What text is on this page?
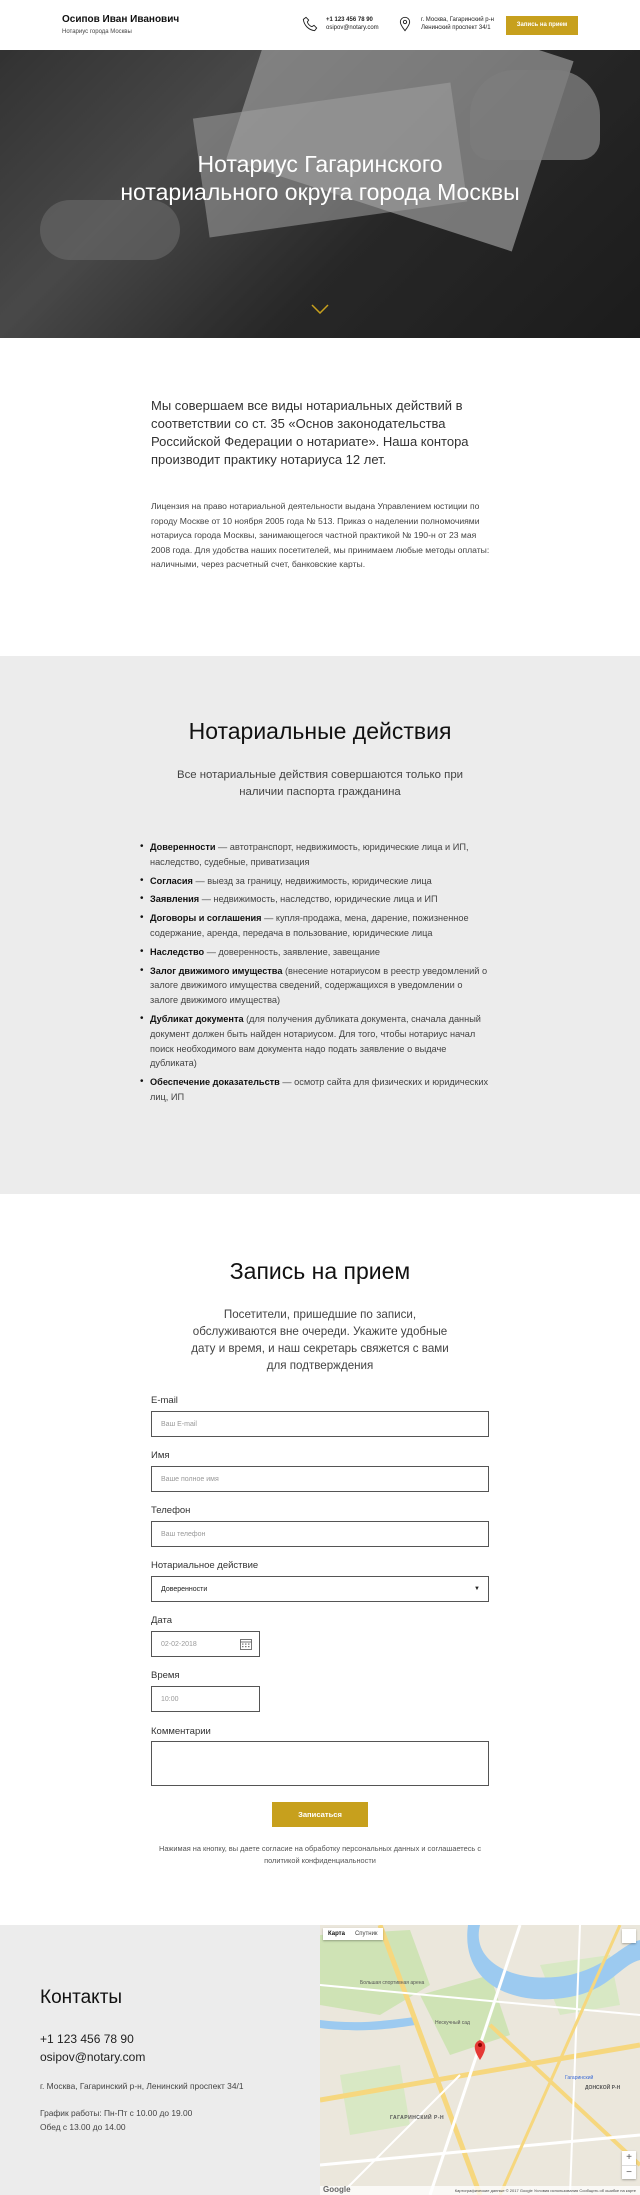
Осипов Иван Иванович
Нотариус города Москвы
+1 123 456 78 90
osipov@notary.com
г. Москва, Гагаринский р-н
Ленинский проспект 34/1	Запись на прием
Нотариус Гагаринского нотариального округа города Москвы

Мы совершаем все виды нотариальных действий в соответствии со ст. 35 «Основ законодательства Российской Федерации о нотариате». Наша контора производит практику нотариуса 12 лет.

Лицензия на право нотариальной деятельности выдана Управлением юстиции по городу Москве от 10 ноября 2005 года № 513. Приказ о наделении полномочиями нотариуса города Москвы, занимающегося частной практикой № 190-н от 23 мая 2008 года. Для удобства наших посетителей, мы принимаем любые методы оплаты: наличными, через расчетный счет, банковские карты.

Нотариальные действия

Все нотариальные действия совершаются только при наличии паспорта гражданина

• Доверенности — автотранспорт, недвижимость, юридические лица и ИП, наследство, судебные, приватизация
• Согласия — выезд за границу, недвижимость, юридические лица
• Заявления — недвижимость, наследство, юридические лица и ИП
• Договоры и соглашения — купля-продажа, мена, дарение, пожизненное содержание, аренда, передача в пользование, юридические лица
• Наследство — доверенность, заявление, завещание
• Залог движимого имущества (внесение нотариусом в реестр уведомлений о залоге движимого имущества сведений, содержащихся в уведомлении о залоге движимого имущества)
• Дубликат документа (для получения дубликата документа, сначала данный документ должен быть найден нотариусом. Для того, чтобы нотариус начал поиск необходимого вам документа надо подать заявление о выдаче дубликата)
• Обеспечение доказательств — осмотр сайта для физических и юридических лиц, ИП
Запись на прием

Посетители, пришедшие по записи, обслуживаются вне очереди. Укажите удобные дату и время, и наш секретарь свяжется с вами для подтверждения

E-mail
Ваш E-mail
Имя
Ваше полное имя
Телефон
Ваш телефон
Нотариальное действие
Доверенности	▼
Дата
02-02-2018
Время
10:00
Комментарии
Записаться

Нажимая на кнопку, вы даете согласие на обработку персональных данных и соглашаетесь с политикой конфиденциальности

Контакты
+1 123 456 78 90
osipov@notary.com
г. Москва, Гагаринский р-н, Ленинский проспект 34/1
График работы: Пн-Пт с 10.00 до 19.00
Обед с 13.00 до 14.00
Карта	Спутник
Большая спортивная арена
Нескучный сад
ГАГАРИНСКИЙ Р-Н
ДОНСКОЙ Р-Н
Гагаринский
+
−
Картографические данные © 2017 Google Условия использования Сообщить об ошибке на карте
Google
